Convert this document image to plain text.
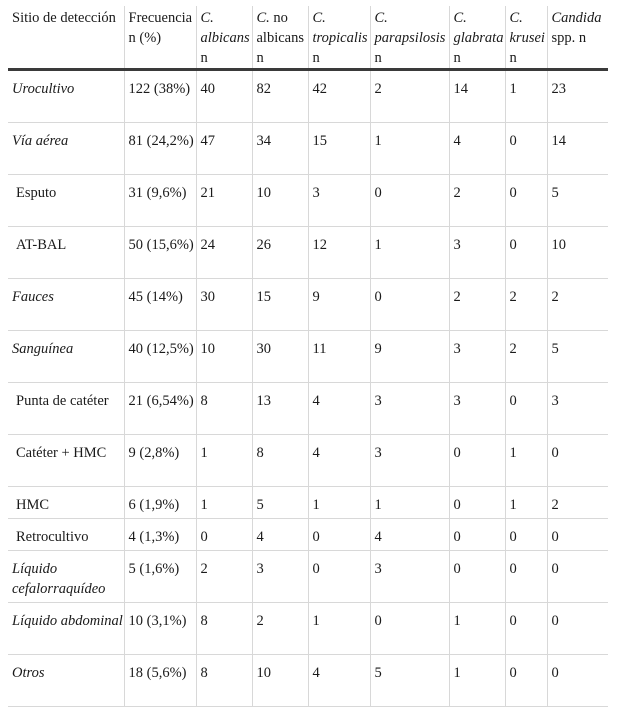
Sitio de detección	Frecuencia n (%)	C. albicans n	C. no albicans n	C. tropicalis n	C. parapsilosis n	C. glabrata n	C. krusei n	Candida spp. n
Urocultivo	122 (38%)	40	82	42	2	14	1	23
Vía aérea	81 (24,2%)	47	34	15	1	4	0	14
Esputo	31 (9,6%)	21	10	3	0	2	0	5
AT-BAL	50 (15,6%)	24	26	12	1	3	0	10
Fauces	45 (14%)	30	15	9	0	2	2	2
Sanguínea	40 (12,5%)	10	30	11	9	3	2	5
Punta de catéter	21 (6,54%)	8	13	4	3	3	0	3
Catéter + HMC	9 (2,8%)	1	8	4	3	0	1	0
HMC	6 (1,9%)	1	5	1	1	0	1	2
Retrocultivo	4 (1,3%)	0	4	0	4	0	0	0
Líquido cefalorraquídeo	5 (1,6%)	2	3	0	3	0	0	0
Líquido abdominal	10 (3,1%)	8	2	1	0	1	0	0
Otros	18 (5,6%)	8	10	4	5	1	0	0
